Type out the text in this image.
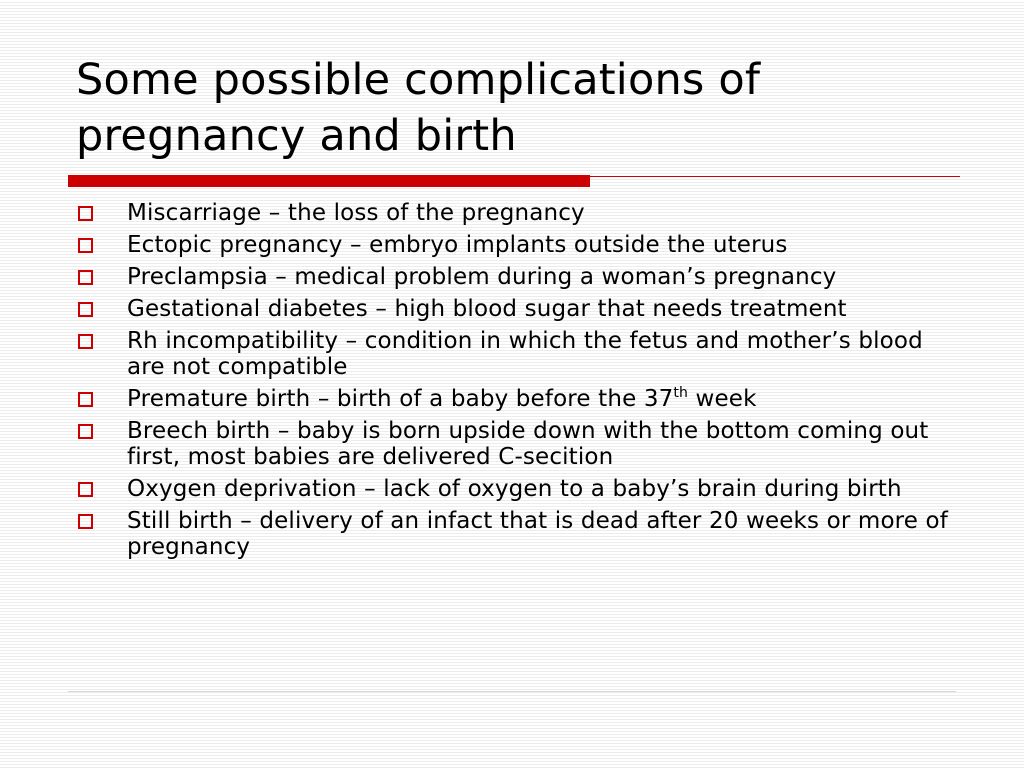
Some possible complications of pregnancy and birth
Miscarriage – the loss of the pregnancy
Ectopic pregnancy – embryo implants outside the uterus
Preclampsia – medical problem during a woman’s pregnancy
Gestational diabetes – high blood sugar that needs treatment
Rh incompatibility – condition in which the fetus and mother’s blood are not compatible
Premature birth – birth of a baby before the 37th week
Breech birth – baby is born upside down with the bottom coming out first, most babies are delivered C-secition
Oxygen deprivation – lack of oxygen to a baby’s brain during birth
Still birth – delivery of an infact that is dead after 20 weeks or more of pregnancy
